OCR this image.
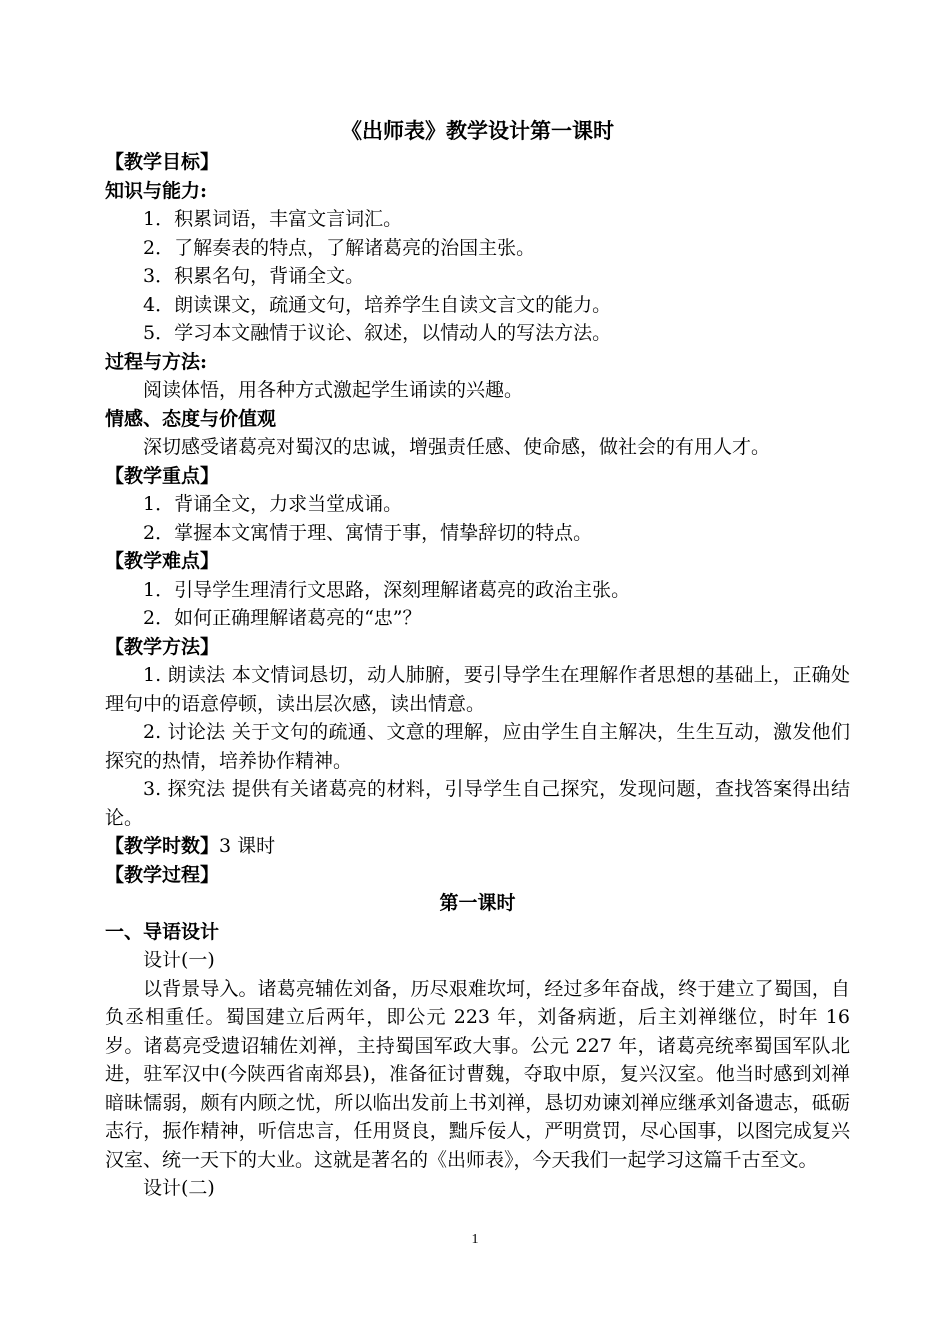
《出师表》教学设计第一课时
【教学目标】
知识与能力:
1．积累词语，丰富文言词汇。
2．了解奏表的特点，了解诸葛亮的治国主张。
3．积累名句，背诵全文。
4．朗读课文，疏通文句，培养学生自读文言文的能力。
5．学习本文融情于议论、叙述，以情动人的写法方法。
过程与方法:
阅读体悟，用各种方式激起学生诵读的兴趣。
情感、态度与价值观
深切感受诸葛亮对蜀汉的忠诚，增强责任感、使命感，做社会的有用人才。
【教学重点】
1．背诵全文，力求当堂成诵。
2．掌握本文寓情于理、寓情于事，情挚辞切的特点。
【教学难点】
1．引导学生理清行文思路，深刻理解诸葛亮的政治主张。
2．如何正确理解诸葛亮的“忠”？
【教学方法】
1. 朗读法 本文情词恳切，动人肺腑，要引导学生在理解作者思想的基础上，正确处理句中的语意停顿，读出层次感，读出情意。
2. 讨论法 关于文句的疏通、文意的理解，应由学生自主解决，生生互动，激发他们探究的热情，培养协作精神。
3. 探究法 提供有关诸葛亮的材料，引导学生自己探究，发现问题，查找答案得出结论。
【教学时数】3 课时
【教学过程】
第一课时
一、导语设计
设计(一)
以背景导入。诸葛亮辅佐刘备，历尽艰难坎坷，经过多年奋战，终于建立了蜀国，自负丞相重任。蜀国建立后两年，即公元 223 年，刘备病逝，后主刘禅继位，时年 16 岁。诸葛亮受遗诏辅佐刘禅，主持蜀国军政大事。公元 227 年，诸葛亮统率蜀国军队北进，驻军汉中(今陕西省南郑县)，准备征讨曹魏，夺取中原，复兴汉室。他当时感到刘禅暗昧懦弱，颇有内顾之忧，所以临出发前上书刘禅，恳切劝谏刘禅应继承刘备遗志，砥砺志行，振作精神，听信忠言，任用贤良，黜斥佞人，严明赏罚，尽心国事，以图完成复兴汉室、统一天下的大业。这就是著名的《出师表》，今天我们一起学习这篇千古至文。
设计(二)
1
